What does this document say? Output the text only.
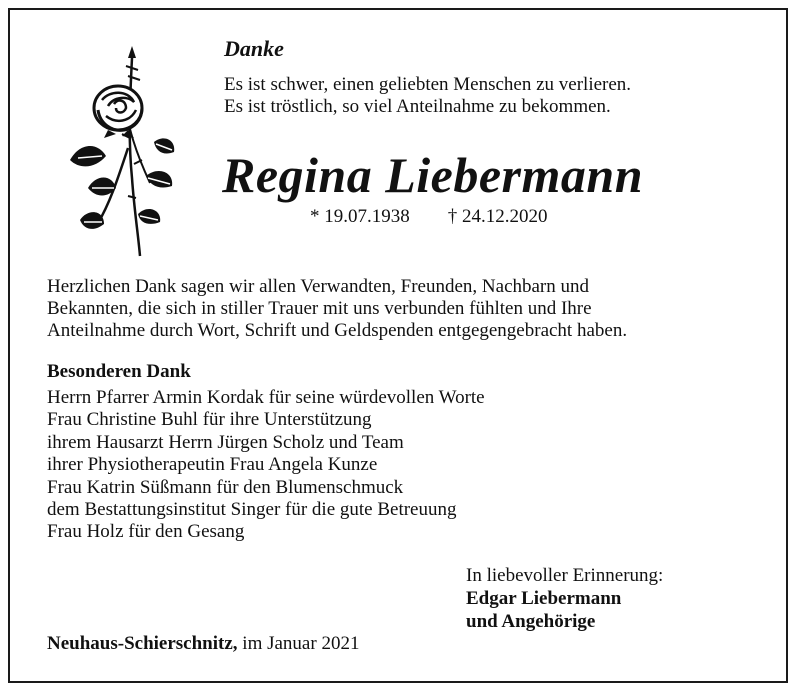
Danke
Es ist schwer, einen geliebten Menschen zu verlieren.
Es ist tröstlich, so viel Anteilnahme zu bekommen.
Regina Liebermann
* 19.07.1938 † 24.12.2020
Herzlichen Dank sagen wir allen Verwandten, Freunden, Nachbarn und
Bekannten, die sich in stiller Trauer mit uns verbunden fühlten und Ihre
Anteilnahme durch Wort, Schrift und Geldspenden entgegengebracht haben.
Besonderen Dank
Herrn Pfarrer Armin Kordak für seine würdevollen Worte
Frau Christine Buhl für ihre Unterstützung
ihrem Hausarzt Herrn Jürgen Scholz und Team
ihrer Physiotherapeutin Frau Angela Kunze
Frau Katrin Süßmann für den Blumenschmuck
dem Bestattungsinstitut Singer für die gute Betreuung
Frau Holz für den Gesang
In liebevoller Erinnerung:
Edgar Liebermann
und Angehörige
Neuhaus-Schierschnitz, im Januar 2021
